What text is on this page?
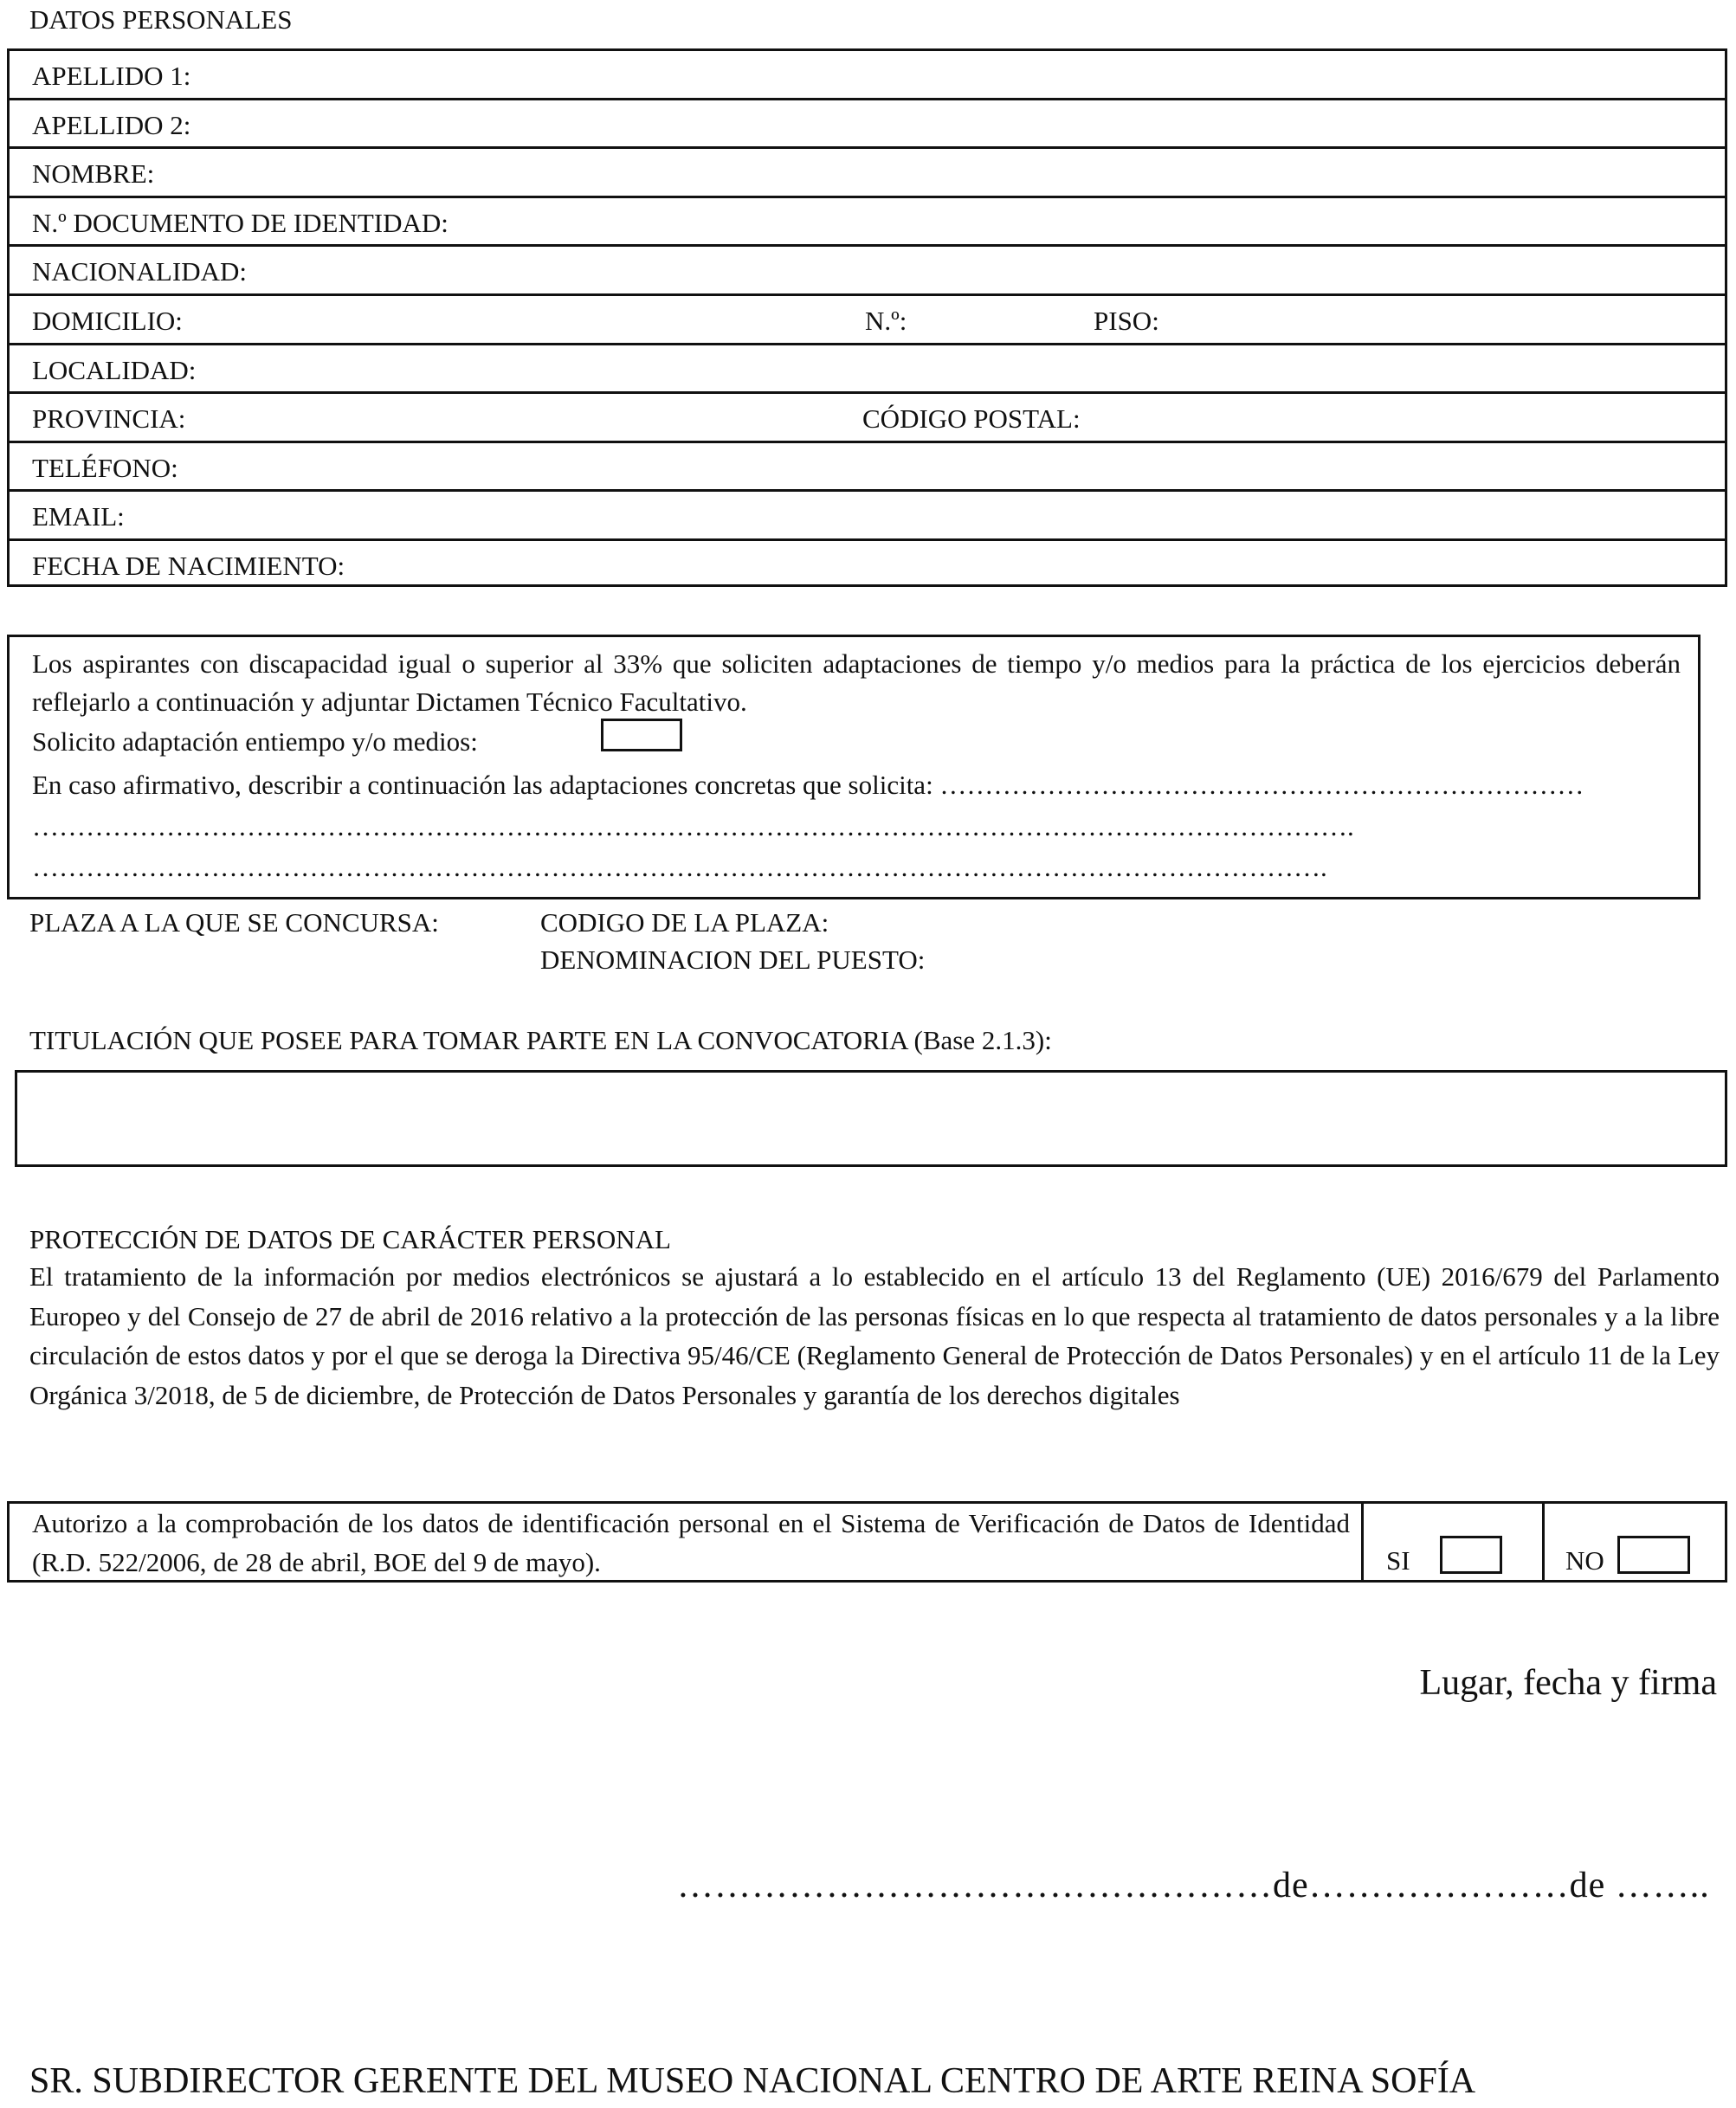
DATOS PERSONALES
APELLIDO 1:
APELLIDO 2:
NOMBRE:
N.º DOCUMENTO DE IDENTIDAD:
NACIONALIDAD:
DOMICILIO:	N.º:	PISO:
LOCALIDAD:
PROVINCIA:	CÓDIGO POSTAL:
TELÉFONO:
EMAIL:
FECHA DE NACIMIENTO:
Los aspirantes con discapacidad igual o superior al 33% que soliciten adaptaciones de tiempo y/o medios para la práctica de los ejercicios deberán reflejarlo a continuación y adjuntar Dictamen Técnico Facultativo.
Solicito adaptación entiempo y/o medios:
En caso afirmativo, describir a continuación las adaptaciones concretas que solicita: ………………………………………………………………
………………………………………………………………………………………………………………………………….
……………………………………………………………………………………………………………………………….
PLAZA A LA QUE SE CONCURSA:	CODIGO DE LA PLAZA:
DENOMINACION DEL PUESTO:
TITULACIÓN QUE POSEE PARA TOMAR PARTE EN LA CONVOCATORIA (Base 2.1.3):
PROTECCIÓN DE DATOS DE CARÁCTER PERSONAL
El tratamiento de la información por medios electrónicos se ajustará a lo establecido en el artículo 13 del Reglamento (UE) 2016/679 del Parlamento Europeo y del Consejo de 27 de abril de 2016 relativo a la protección de las personas físicas en lo que respecta al tratamiento de datos personales y a la libre circulación de estos datos y por el que se deroga la Directiva 95/46/CE (Reglamento General de Protección de Datos Personales) y en el artículo 11 de la Ley Orgánica 3/2018, de 5 de diciembre, de Protección de Datos Personales y garantía de los derechos digitales
Autorizo a la comprobación de los datos de identificación personal en el Sistema de Verificación de Datos de Identidad (R.D. 522/2006, de 28 de abril, BOE del 9 de mayo).	SI	NO
Lugar, fecha y firma
…………………………………………de…………………de ……..
SR. SUBDIRECTOR GERENTE DEL MUSEO NACIONAL CENTRO DE ARTE REINA SOFÍA
